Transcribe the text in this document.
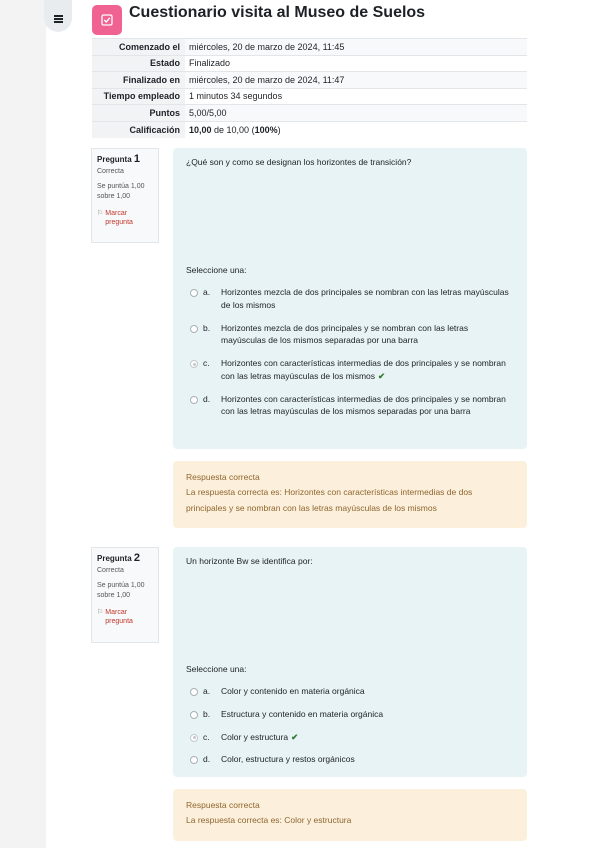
Cuestionario visita al Museo de Suelos
Comenzado el	miércoles, 20 de marzo de 2024, 11:45
Estado	Finalizado
Finalizado en	miércoles, 20 de marzo de 2024, 11:47
Tiempo empleado	1 minutos 34 segundos
Puntos	5,00/5,00
Calificación	10,00 de 10,00 (100%)
Pregunta 1
Correcta
Se puntúa 1,00 sobre 1,00
⚐ Marcar pregunta
¿Qué son y como se designan los horizontes de transición?
Seleccione una:
a.	Horizontes mezcla de dos principales se nombran con las letras mayúsculas de los mismos
b.	Horizontes mezcla de dos principales y se nombran con las letras mayúsculas de los mismos separadas por una barra
c.	Horizontes con características intermedias de dos principales y se nombran con las letras mayúsculas de los mismos ✔
d.	Horizontes con características intermedias de dos principales y se nombran con las letras mayúsculas de los mismos separadas por una barra
Respuesta correcta
La respuesta correcta es: Horizontes con características intermedias de dos principales y se nombran con las letras mayúsculas de los mismos
Pregunta 2
Correcta
Se puntúa 1,00 sobre 1,00
⚐ Marcar pregunta
Un horizonte Bw se identifica por:
Seleccione una:
a.	Color y contenido en materia orgánica
b.	Estructura y contenido en materia orgánica
c.	Color y estructura ✔
d.	Color, estructura y restos orgánicos
Respuesta correcta
La respuesta correcta es: Color y estructura
